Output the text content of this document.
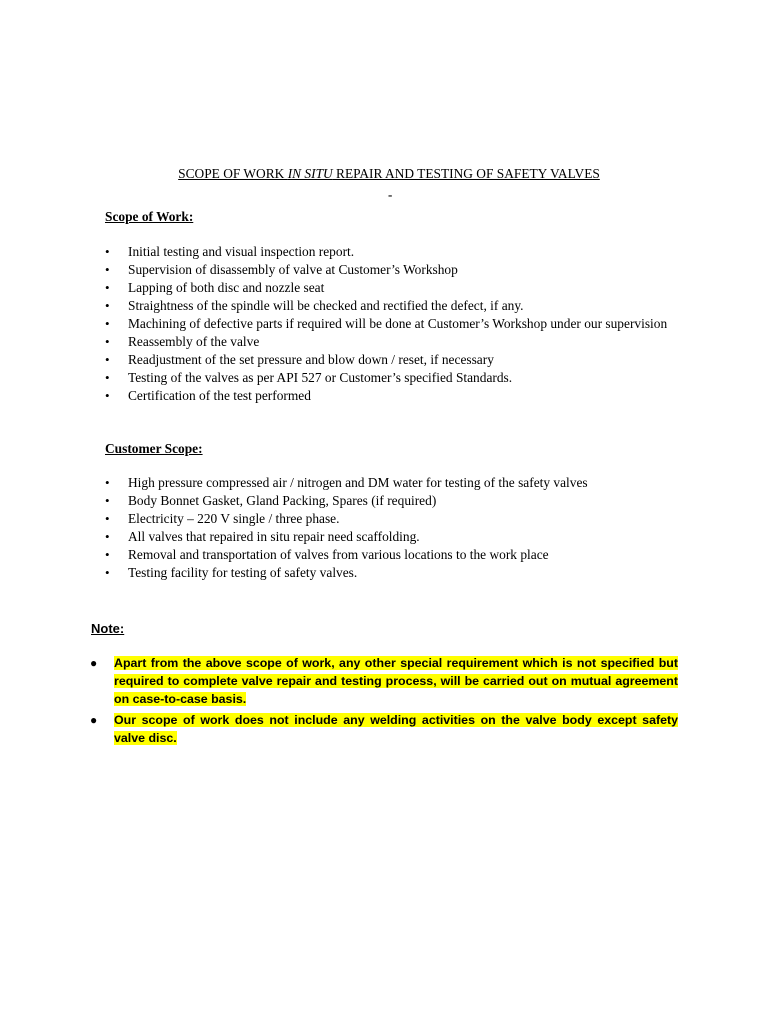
SCOPE OF WORK IN SITU REPAIR AND TESTING OF SAFETY VALVES
-
Scope of Work:
• Initial testing and visual inspection report.
• Supervision of disassembly of valve at Customer’s Workshop
• Lapping of both disc and nozzle seat
• Straightness of the spindle will be checked and rectified the defect, if any.
• Machining of defective parts if required will be done at Customer’s Workshop under our supervision
• Reassembly of the valve
• Readjustment of the set pressure and blow down / reset, if necessary
• Testing of the valves as per API 527 or Customer’s specified Standards.
• Certification of the test performed
Customer Scope:
• High pressure compressed air / nitrogen and DM water for testing of the safety valves
• Body Bonnet Gasket, Gland Packing, Spares (if required)
• Electricity – 220 V single / three phase.
• All valves that repaired in situ repair need scaffolding.
• Removal and transportation of valves from various locations to the work place
• Testing facility for testing of safety valves.
Note:
● Apart from the above scope of work, any other special requirement which is not specified but required to complete valve repair and testing process, will be carried out on mutual agreement on case-to-case basis.
● Our scope of work does not include any welding activities on the valve body except safety valve disc.
